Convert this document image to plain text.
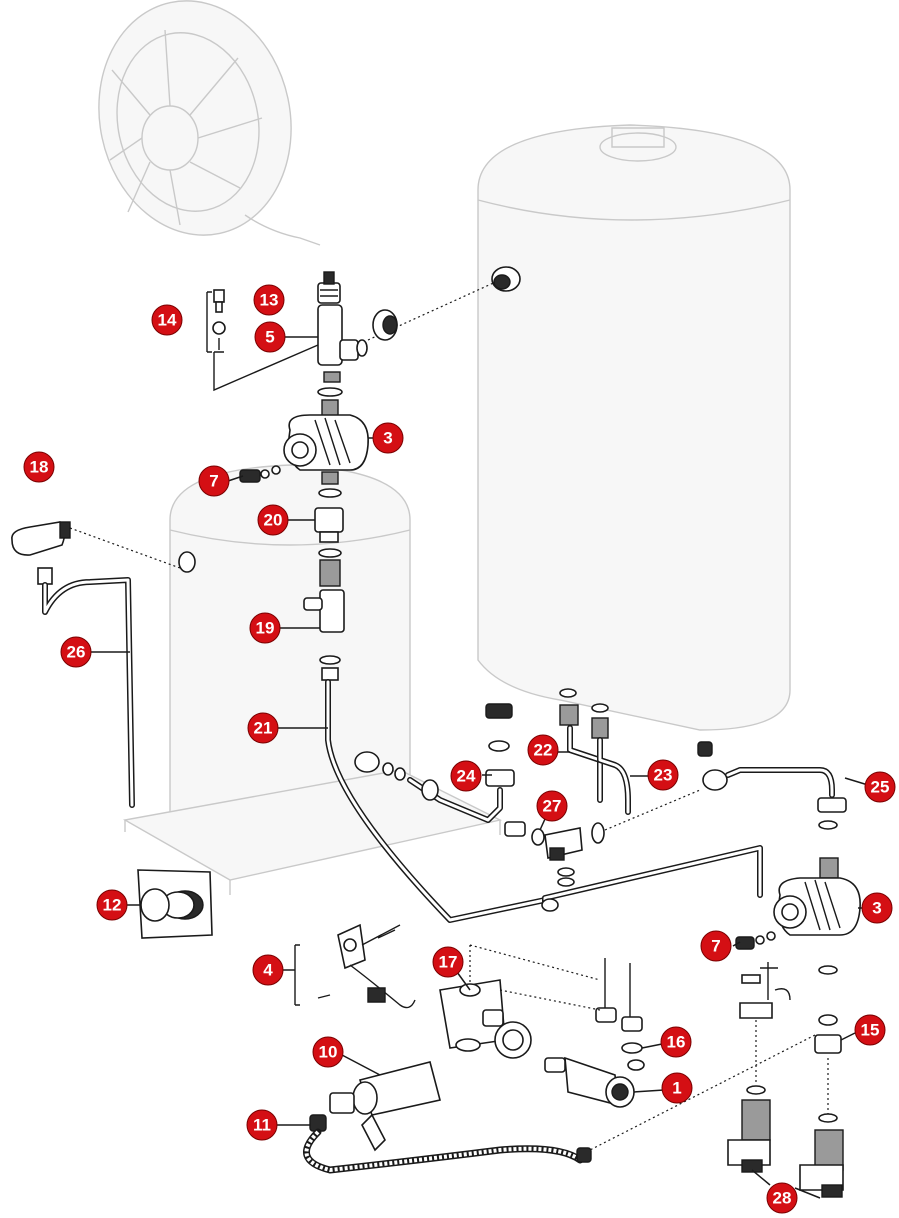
14
13
5
3
18
7
20
19
26
21
22
24	23
25
27
12	3
7
4	17
15
16
10
1
11
28
